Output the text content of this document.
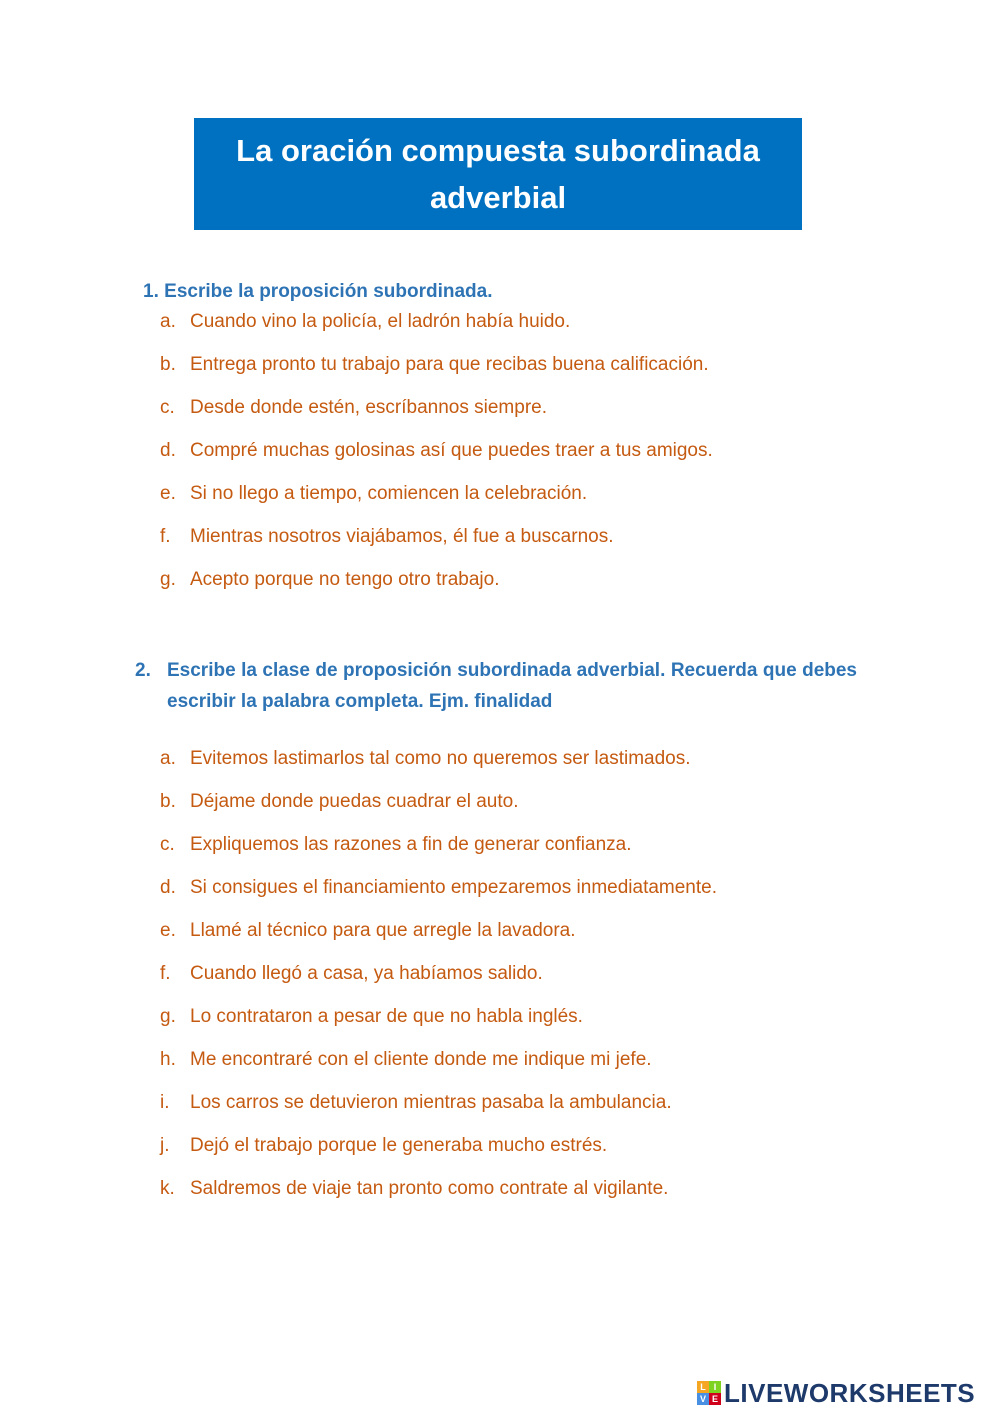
La oración compuesta subordinada
adverbial
1. Escribe la proposición subordinada.
a. Cuando vino la policía, el ladrón había huido.
b. Entrega pronto tu trabajo para que recibas buena calificación.
c. Desde donde estén, escríbannos siempre.
d. Compré muchas golosinas así que puedes traer a tus amigos.
e. Si no llego a tiempo, comiencen la celebración.
f.	Mientras nosotros viajábamos, él fue a buscarnos.
g. Acepto porque no tengo otro trabajo.
2. Escribe la clase de proposición subordinada adverbial. Recuerda que debes escribir la palabra completa. Ejm. finalidad
a. Evitemos lastimarlos tal como no queremos ser lastimados.
b. Déjame donde puedas cuadrar el auto.
c. Expliquemos las razones a fin de generar confianza.
d. Si consigues el financiamiento empezaremos inmediatamente.
e. Llamé al técnico para que arregle la lavadora.
f.	Cuando llegó a casa, ya habíamos salido.
g. Lo contrataron a pesar de que no habla inglés.
h. Me encontraré con el cliente donde me indique mi jefe.
i.	Los carros se detuvieron mientras pasaba la ambulancia.
j.	Dejó el trabajo porque le generaba mucho estrés.
k. Saldremos de viaje tan pronto como contrate al vigilante.
L I
V E LIVEWORKSHEETS
